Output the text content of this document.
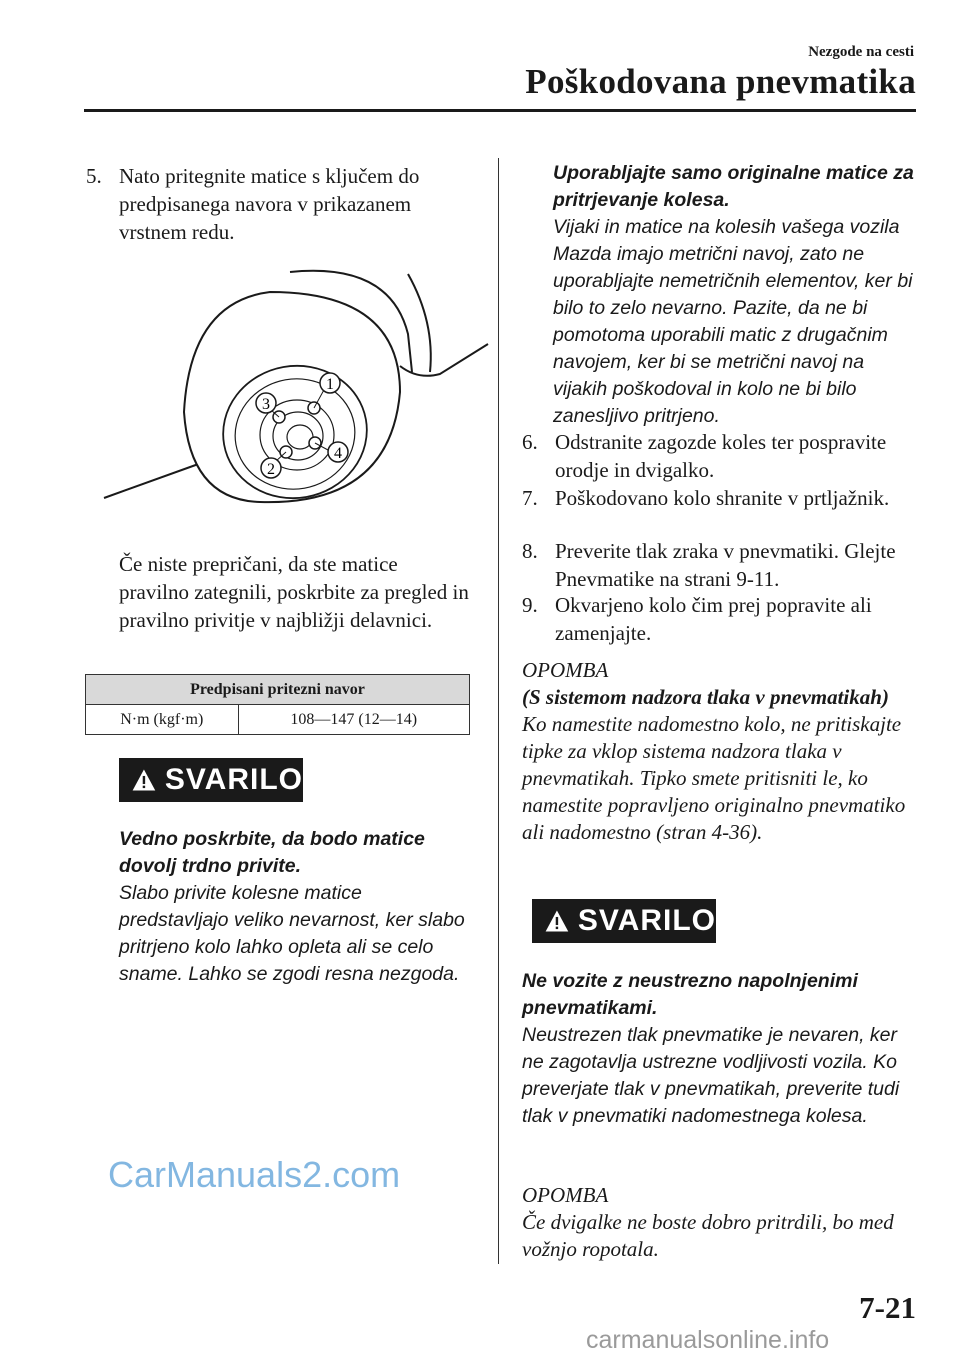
Nezgode na cesti
Poškodovana pnevmatika
5. Nato pritegnite matice s ključem do predpisanega navora v prikazanem vrstnem redu.
1
2
3
4
Če niste prepričani, da ste matice pravilno zategnili, poskrbite za pregled in pravilno privitje v najbližji delavnici.
Predpisani pritezni navor
N·m (kgf·m)	108—147 (12—14)
SVARILO
Vedno poskrbite, da bodo matice dovolj trdno privite.
Slabo privite kolesne matice predstavljajo veliko nevarnost, ker slabo pritrjeno kolo lahko opleta ali se celo sname. Lahko se zgodi resna nezgoda.
Uporabljajte samo originalne matice za pritrjevanje kolesa.
Vijaki in matice na kolesih vašega vozila Mazda imajo metrični navoj, zato ne uporabljajte nemetričnih elementov, ker bi bilo to zelo nevarno. Pazite, da ne bi pomotoma uporabili matic z drugačnim navojem, ker bi se metrični navoj na vijakih poškodoval in kolo ne bi bilo zanesljivo pritrjeno.
6. Odstranite zagozde koles ter pospravite orodje in dvigalko.
7. Poškodovano kolo shranite v prtljažnik.
8. Preverite tlak zraka v pnevmatiki. Glejte Pnevmatike na strani 9-11.
9. Okvarjeno kolo čim prej popravite ali zamenjajte.
OPOMBA
(S sistemom nadzora tlaka v pnevmatikah)
Ko namestite nadomestno kolo, ne pritiskajte tipke za vklop sistema nadzora tlaka v pnevmatikah. Tipko smete pritisniti le, ko namestite popravljeno originalno pnevmatiko ali nadomestno (stran 4-36).
SVARILO
Ne vozite z neustrezno napolnjenimi pnevmatikami.
Neustrezen tlak pnevmatike je nevaren, ker ne zagotavlja ustrezne vodljivosti vozila. Ko preverjate tlak v pnevmatikah, preverite tudi tlak v pnevmatiki nadomestnega kolesa.
OPOMBA
Če dvigalke ne boste dobro pritrdili, bo med vožnjo ropotala.
7-21
CarManuals2.com
carmanualsonline.info
